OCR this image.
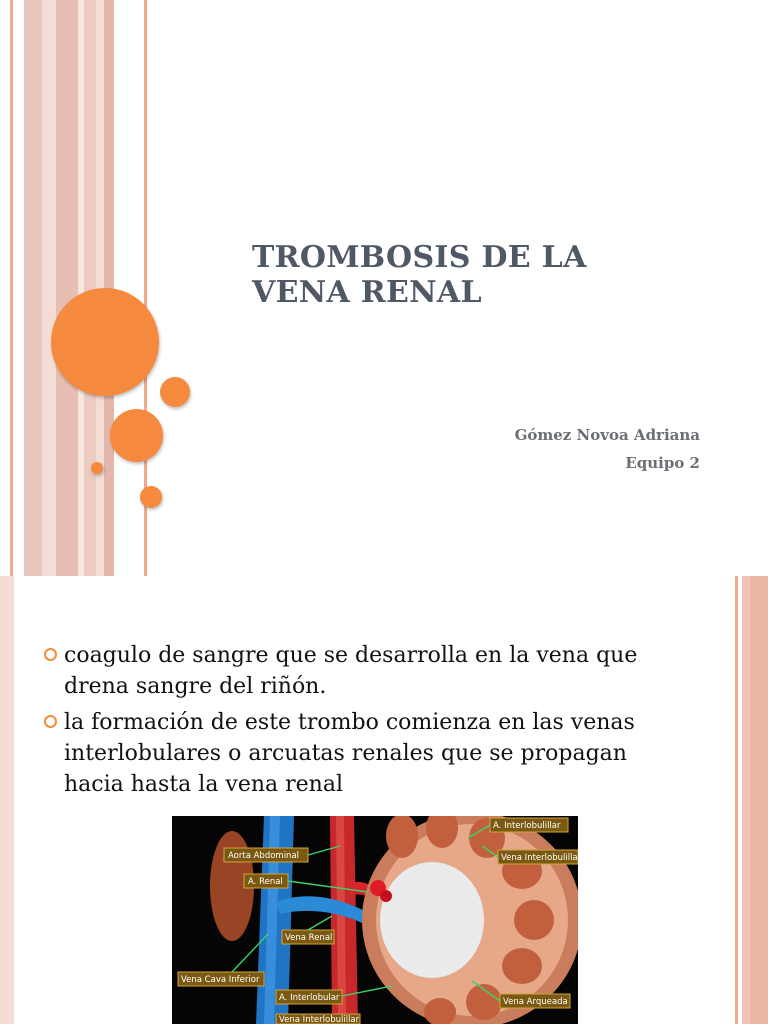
TROMBOSIS DE LA
VENA RENAL
Gómez Novoa Adriana
Equipo 2
coagulo de sangre que se desarrolla en la vena que
drena sangre del riñón.
la formación de este trombo comienza en las venas
interlobulares o arcuatas renales que se propagan
hacia hasta la vena renal
Aorta Abdominal
A. Renal
Vena Renal
Vena Cava Inferior
A. Interlobular
Vena Interlobulillar
A. Interlobulillar
Vena Interlobulilla
Vena Arqueada
